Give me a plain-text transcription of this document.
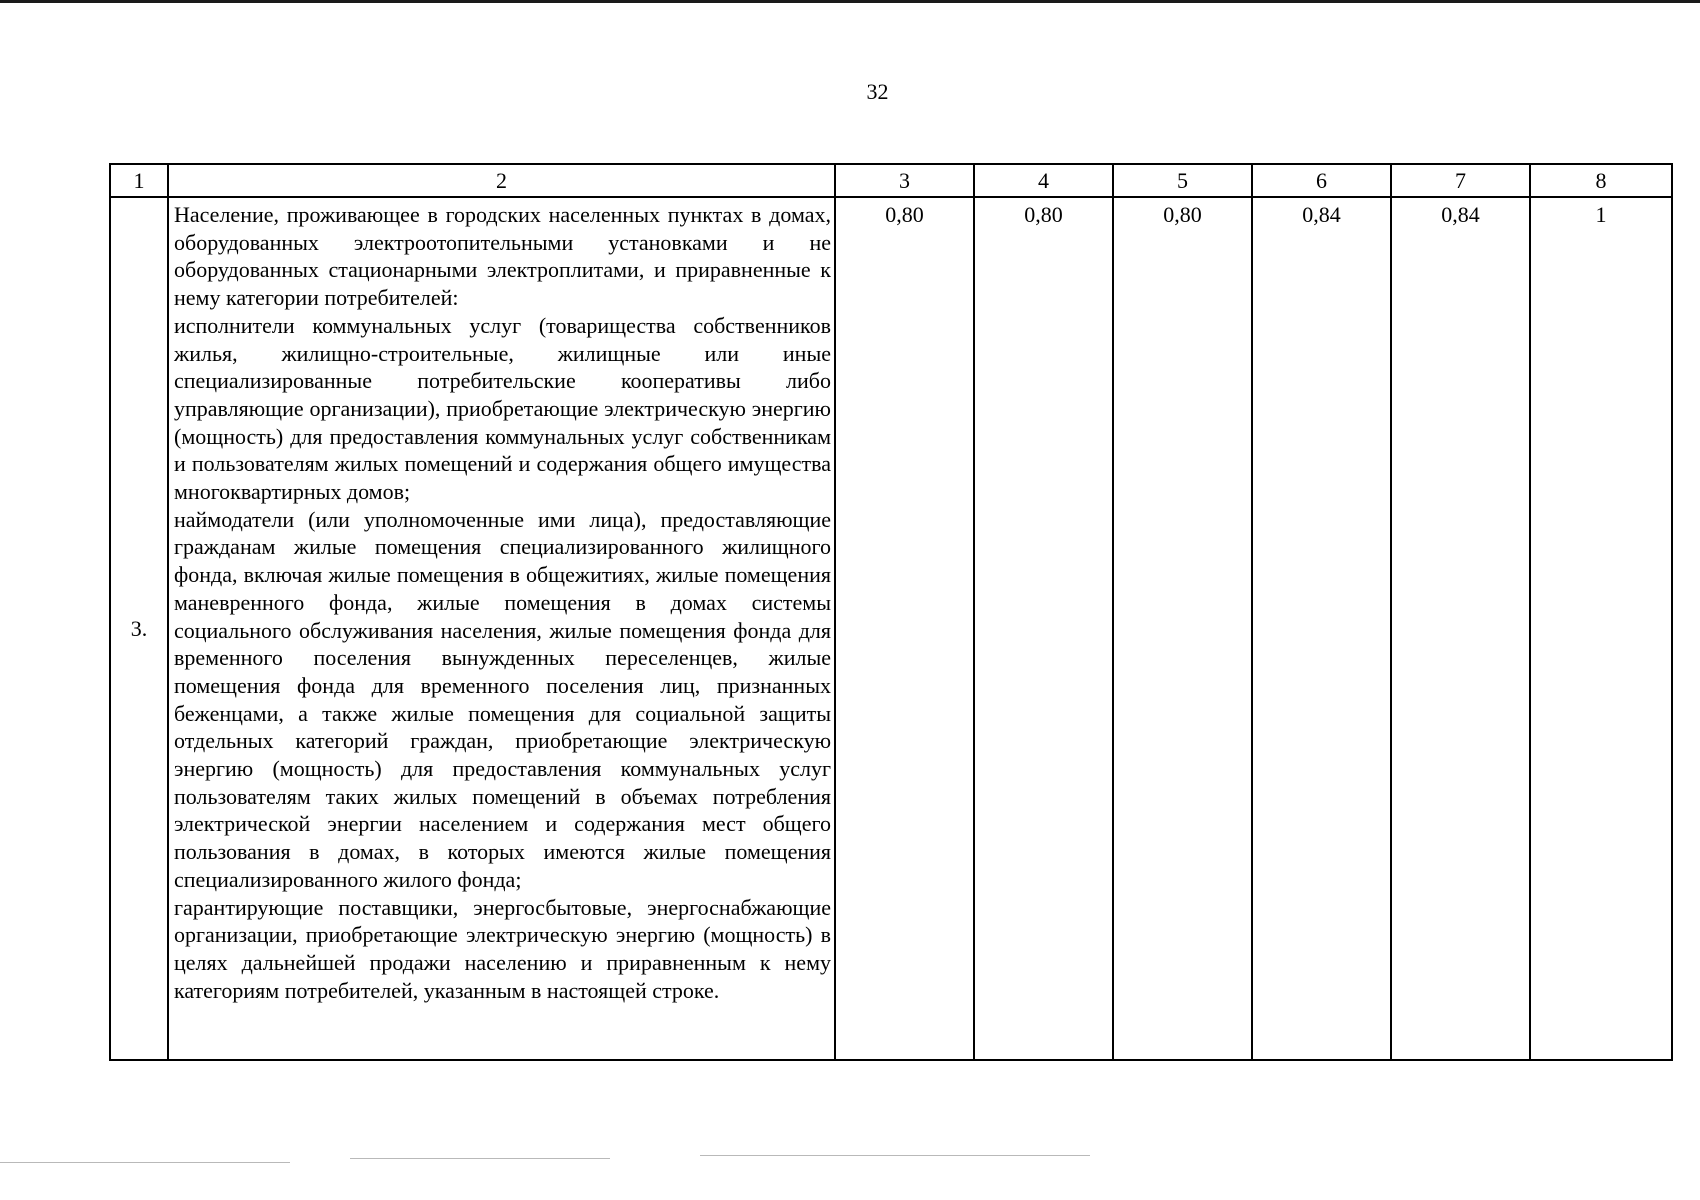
32
1	2	3	4	5	6	7	8
3.	Население, проживающее в городских населенных пунктах в домах, оборудованных электроотопительными установками и не оборудованных стационарными электроплитами, и приравненные к нему категории потребителей:

исполнители коммунальных услуг (товарищества собственников жилья, жилищно-строительные, жилищные или иные специализированные потребительские кооперативы либо управляющие организации), приобретающие электрическую энергию (мощность) для предоставления коммунальных услуг собственникам и пользователям жилых помещений и содержания общего имущества многоквартирных домов;

наймодатели (или уполномоченные ими лица), предоставляющие гражданам жилые помещения специализированного жилищного фонда, включая жилые помещения в общежитиях, жилые помещения маневренного фонда, жилые помещения в домах системы социального обслуживания населения, жилые помещения фонда для временного поселения вынужденных переселенцев, жилые помещения фонда для временного поселения лиц, признанных беженцами, а также жилые помещения для социальной защиты отдельных категорий граждан, приобретающие электрическую энергию (мощность) для предоставления коммунальных услуг пользователям таких жилых помещений в объемах потребления электрической энергии населением и содержания мест общего пользования в домах, в которых имеются жилые помещения специализированного жилого фонда;

гарантирующие поставщики, энергосбытовые, энергоснабжающие организации, приобретающие электрическую энергию (мощность) в целях дальнейшей продажи населению и приравненным к нему категориям потребителей, указанным в настоящей строке.	0,80	0,80	0,80	0,84	0,84	1
